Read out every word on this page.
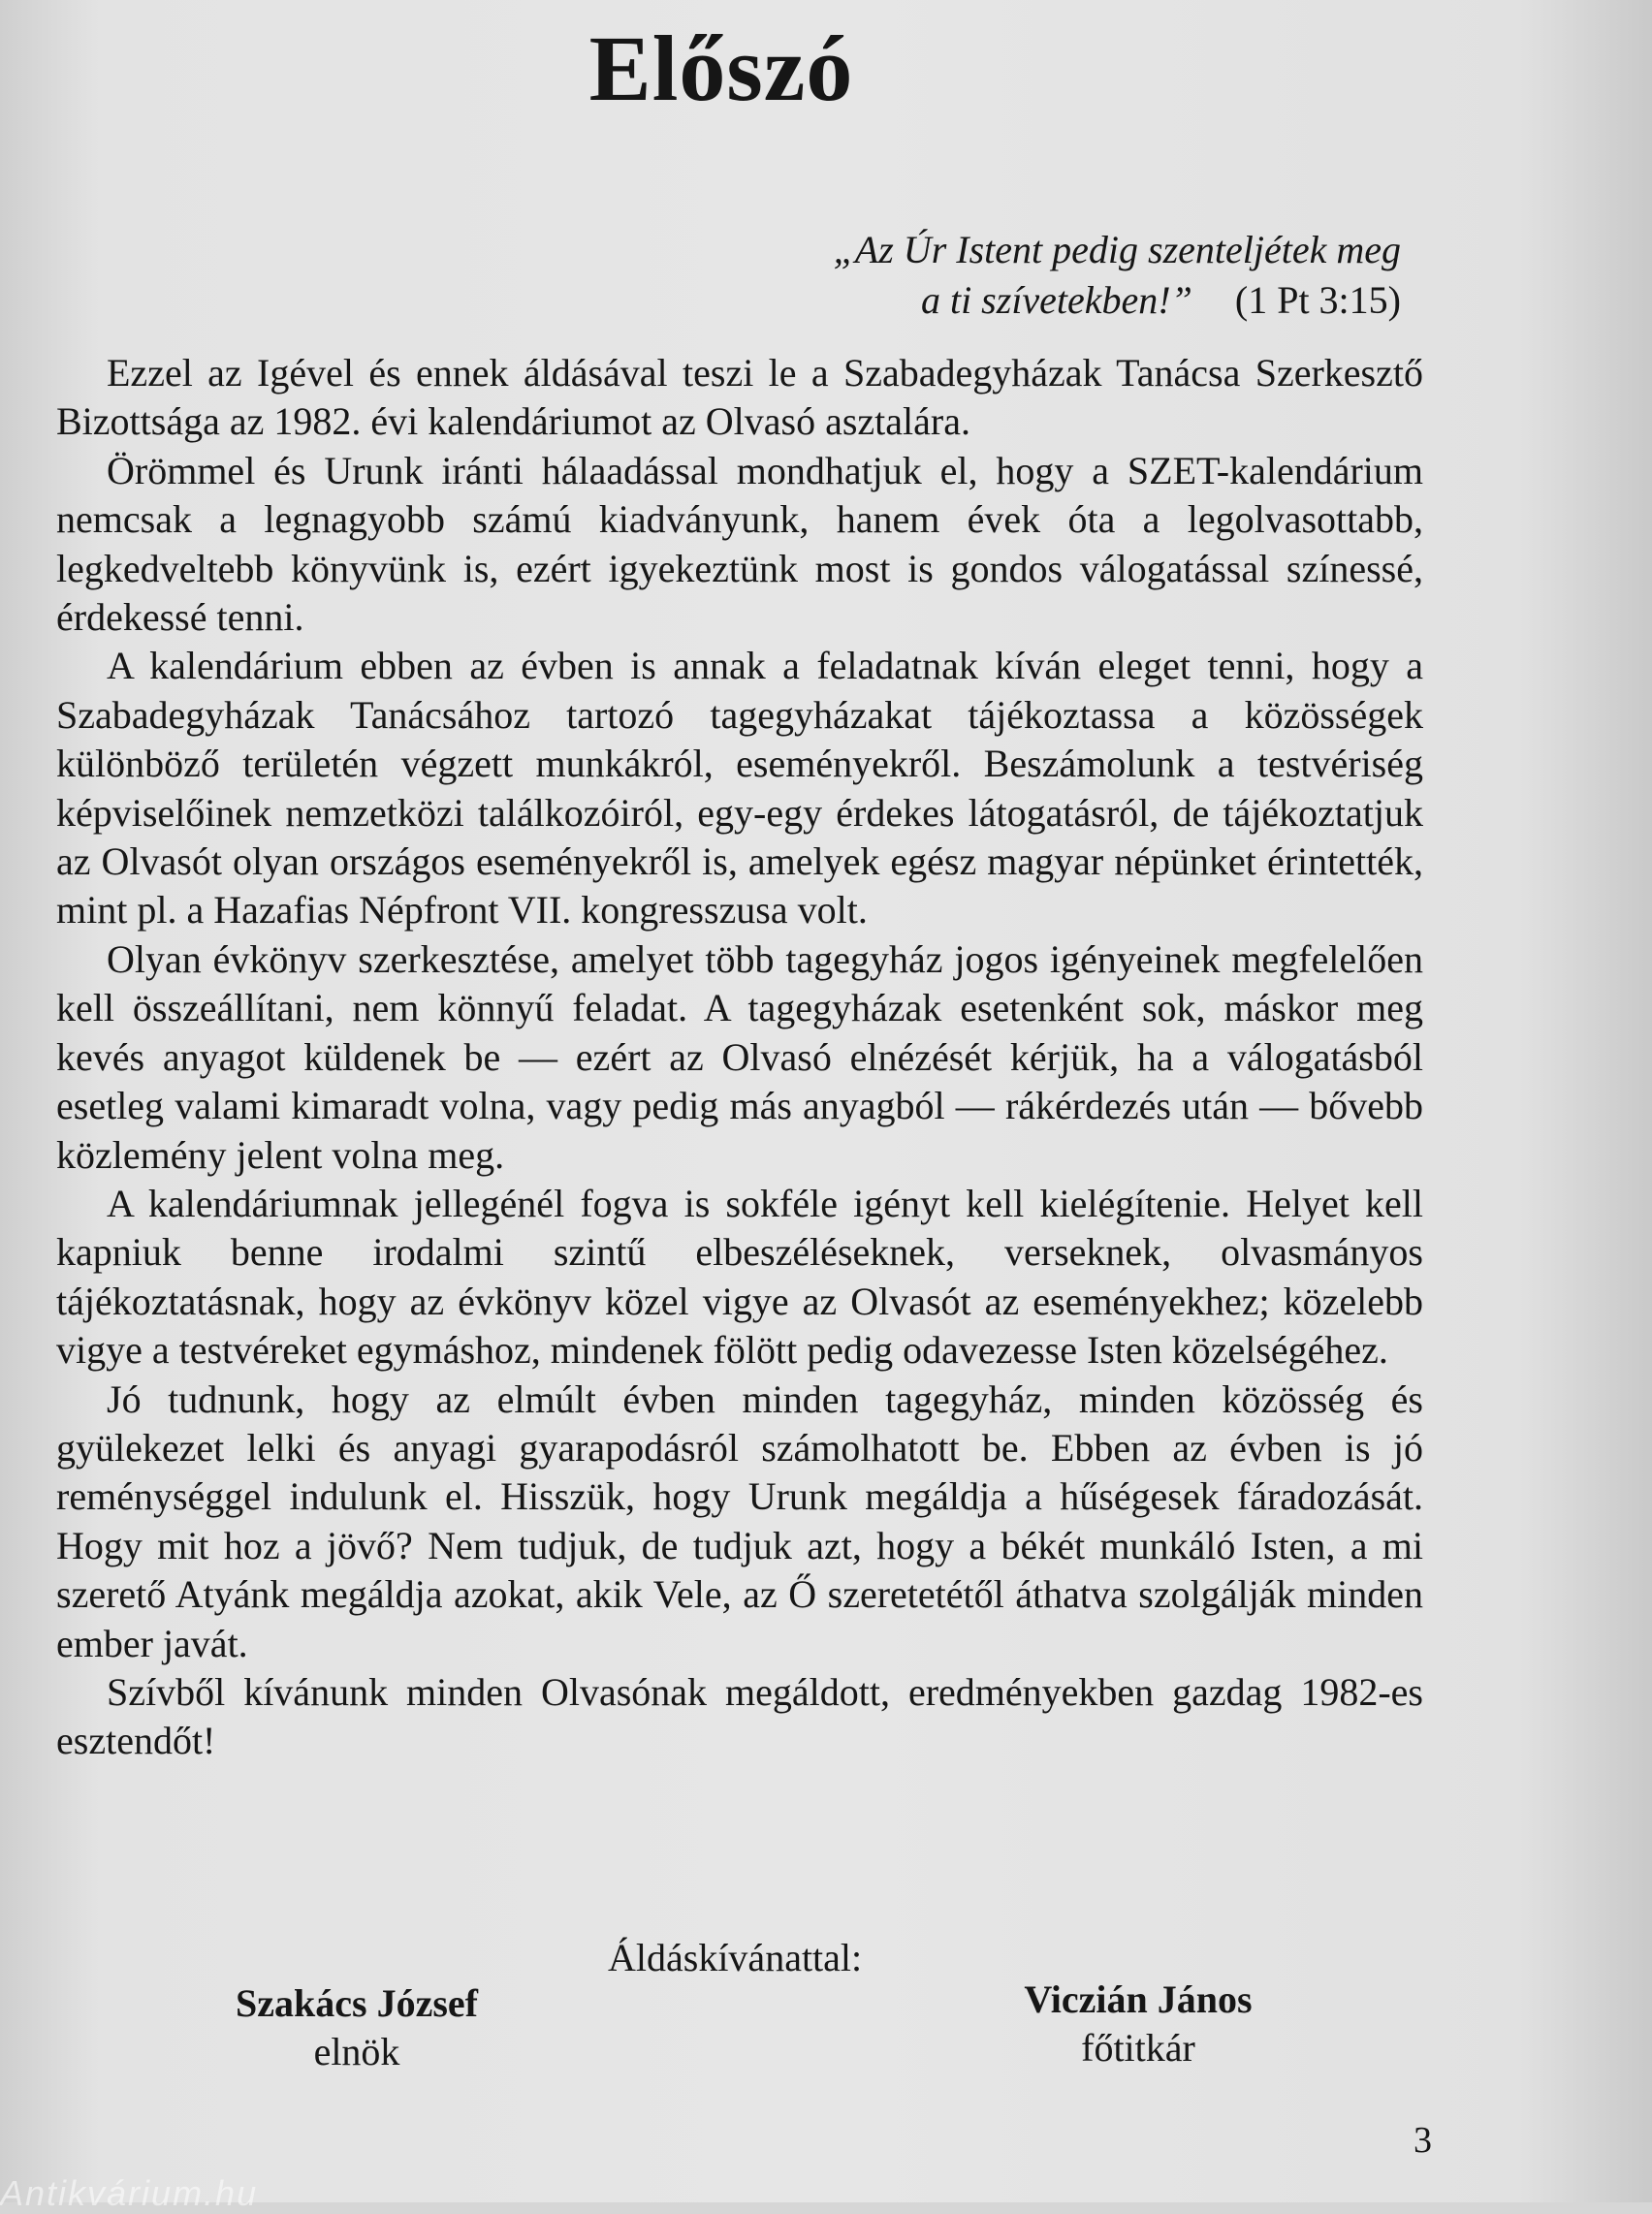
Előszó
„Az Úr Istent pedig szenteljétek meg
a ti szívetekben!” (1 Pt 3:15)

Ezzel az Igével és ennek áldásával teszi le a Szabadegyházak Tanácsa Szerkesztő Bizottsága az 1982. évi kalendáriumot az Olvasó asztalára.

Örömmel és Urunk iránti hálaadással mondhatjuk el, hogy a SZET-kalendárium nemcsak a legnagyobb számú kiadványunk, hanem évek óta a legolvasottabb, legkedveltebb könyvünk is, ezért igyekeztünk most is gondos válogatással színessé, érdekessé tenni.

A kalendárium ebben az évben is annak a feladatnak kíván eleget tenni, hogy a Szabadegyházak Tanácsához tartozó tagegyházakat tájékoztassa a közösségek különböző területén végzett munkákról, eseményekről. Beszámolunk a testvériség képviselőinek nemzetközi találkozóiról, egy-egy érdekes látogatásról, de tájékoztatjuk az Olvasót olyan országos eseményekről is, amelyek egész magyar népünket érintették, mint pl. a Hazafias Népfront VII. kongresszusa volt.

Olyan évkönyv szerkesztése, amelyet több tagegyház jogos igényeinek megfelelően kell összeállítani, nem könnyű feladat. A tagegyházak esetenként sok, máskor meg kevés anyagot küldenek be — ezért az Olvasó elnézését kérjük, ha a válogatásból esetleg valami kimaradt volna, vagy pedig más anyagból — rákérdezés után — bővebb közlemény jelent volna meg.

A kalendáriumnak jellegénél fogva is sokféle igényt kell kielégítenie. Helyet kell kapniuk benne irodalmi szintű elbeszéléseknek, verseknek, olvasmányos tájékoztatásnak, hogy az évkönyv közel vigye az Olvasót az eseményekhez; közelebb vigye a testvéreket egymáshoz, mindenek fölött pedig odavezesse Isten közelségéhez.

Jó tudnunk, hogy az elmúlt évben minden tagegyház, minden közösség és gyülekezet lelki és anyagi gyarapodásról számolhatott be. Ebben az évben is jó reménységgel indulunk el. Hisszük, hogy Urunk megáldja a hűségesek fáradozását. Hogy mit hoz a jövő? Nem tudjuk, de tudjuk azt, hogy a békét munkáló Isten, a mi szerető Atyánk megáldja azokat, akik Vele, az Ő szeretetétől áthatva szolgálják minden ember javát.

Szívből kívánunk minden Olvasónak megáldott, eredményekben gazdag 1982-es esztendőt!

Áldáskívánattal:
Szakács József
elnök
Viczián János
főtitkár
3
Antikvárium.hu
